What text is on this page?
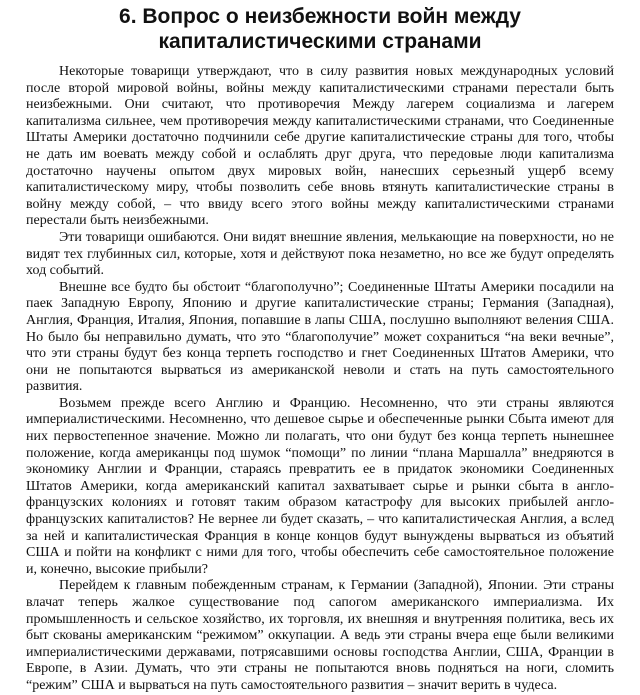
6. Вопрос о неизбежности войн между капиталистическими странами

Некоторые товарищи утверждают, что в силу развития новых международных условий после второй мировой войны, войны между капиталистическими странами перестали быть неизбежными. Они считают, что противоречия Между лагерем социализма и лагерем капитализма сильнее, чем противоречия между капиталистическими странами, что Соединенные Штаты Америки достаточно подчинили себе другие капиталистические страны для того, чтобы не дать им воевать между собой и ослаблять друг друга, что передовые люди капитализма достаточно научены опытом двух мировых войн, нанесших серьезный ущерб всему капиталистическому миру, чтобы позволить себе вновь втянуть капиталистические страны в войну между собой, – что ввиду всего этого войны между капиталистическими странами перестали быть неизбежными.

Эти товарищи ошибаются. Они видят внешние явления, мелькающие на поверхности, но не видят тех глубинных сил, которые, хотя и действуют пока незаметно, но все же будут определять ход событий.

Внешне все будто бы обстоит “благополучно”; Соединенные Штаты Америки посадили на паек Западную Европу, Японию и другие капиталистические страны; Германия (Западная), Англия, Франция, Италия, Япония, попавшие в лапы США, послушно выполняют веления США. Но было бы неправильно думать, что это “благополучие” может сохраниться “на веки вечные”, что эти страны будут без конца терпеть господство и гнет Соединенных Штатов Америки, что они не попытаются вырваться из американской неволи и стать на путь самостоятельного развития.

Возьмем прежде всего Англию и Францию. Несомненно, что эти страны являются империалистическими. Несомненно, что дешевое сырье и обеспеченные рынки Сбыта имеют для них первостепенное значение. Можно ли полагать, что они будут без конца терпеть нынешнее положение, когда американцы под шумок “помощи” по линии “плана Маршалла” внедряются в экономику Англии и Франции, стараясь превратить ее в придаток экономики Соединенных Штатов Америки, когда американский капитал захватывает сырье и рынки сбыта в англо-французских колониях и готовят таким образом катастрофу для высоких прибылей англо-французских капиталистов? Не вернее ли будет сказать, – что капиталистическая Англия, а вслед за ней и капиталистическая Франция в конце концов будут вынуждены вырваться из объятий США и пойти на конфликт с ними для того, чтобы обеспечить себе самостоятельное положение и, конечно, высокие прибыли?

Перейдем к главным побежденным странам, к Германии (Западной), Японии. Эти страны влачат теперь жалкое существование под сапогом американского империализма. Их промышленность и сельское хозяйство, их торговля, их внешняя и внутренняя политика, весь их быт скованы американским “режимом” оккупации. А ведь эти страны вчера еще были великими империалистическими державами, потрясавшими основы господства Англии, США, Франции в Европе, в Азии. Думать, что эти страны не попытаются вновь подняться на ноги, сломить “режим” США и вырваться на путь самостоятельного развития – значит верить в чудеса.
